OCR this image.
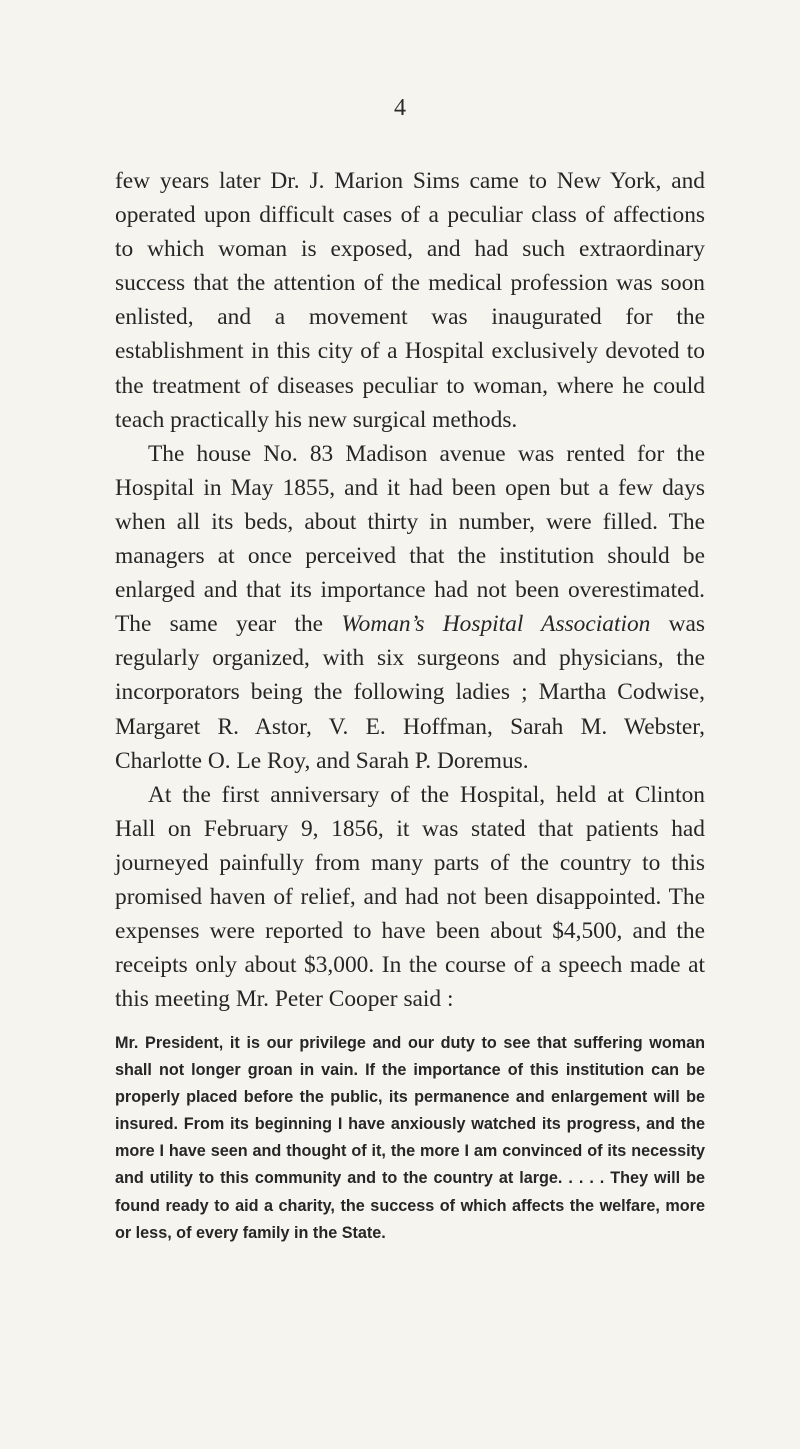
4

few years later Dr. J. Marion Sims came to New York, and operated upon difficult cases of a peculiar class of affections to which woman is exposed, and had such extraordinary success that the attention of the medical profession was soon enlisted, and a movement was inaugurated for the establishment in this city of a Hospital exclusively devoted to the treatment of diseases peculiar to woman, where he could teach practically his new surgical methods.

The house No. 83 Madison avenue was rented for the Hospital in May 1855, and it had been open but a few days when all its beds, about thirty in number, were filled. The managers at once perceived that the institution should be enlarged and that its importance had not been overestimated. The same year the Woman’s Hospital Association was regularly organized, with six surgeons and physicians, the incorporators being the following ladies ; Martha Codwise, Margaret R. Astor, V. E. Hoffman, Sarah M. Webster, Charlotte O. Le Roy, and Sarah P. Doremus.

At the first anniversary of the Hospital, held at Clinton Hall on February 9, 1856, it was stated that patients had journeyed painfully from many parts of the country to this promised haven of relief, and had not been disappointed. The expenses were reported to have been about $4,500, and the receipts only about $3,000. In the course of a speech made at this meeting Mr. Peter Cooper said :

Mr. President, it is our privilege and our duty to see that suffering woman shall not longer groan in vain. If the importance of this institution can be properly placed before the public, its permanence and enlargement will be insured. From its beginning I have anxiously watched its progress, and the more I have seen and thought of it, the more I am convinced of its necessity and utility to this community and to the country at large. . . . . They will be found ready to aid a charity, the success of which affects the welfare, more or less, of every family in the State.
